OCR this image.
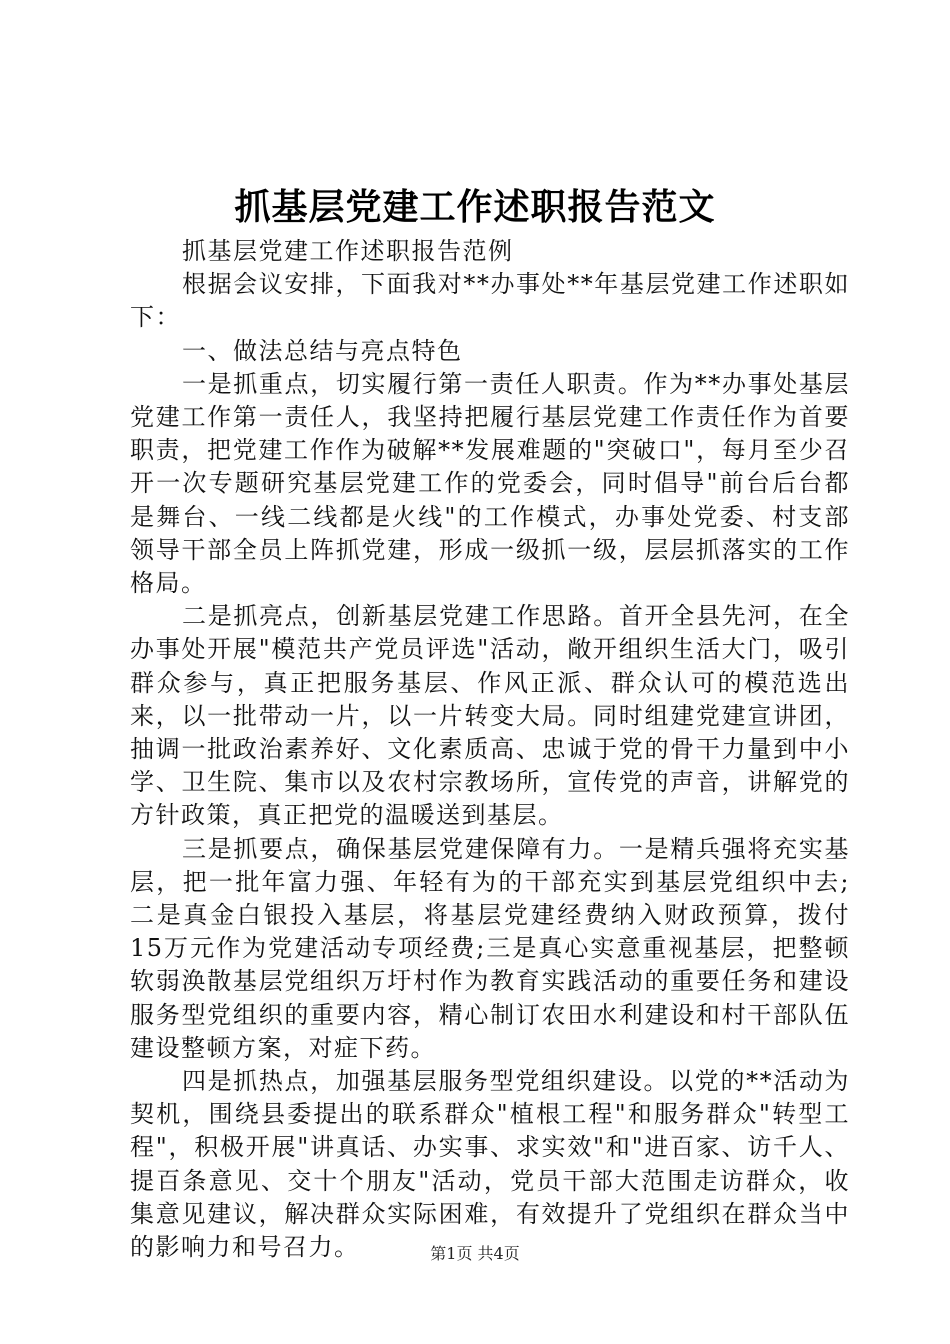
抓基层党建工作述职报告范文

抓基层党建工作述职报告范例

根据会议安排，下面我对**办事处**年基层党建工作述职如下：

一、做法总结与亮点特色

一是抓重点，切实履行第一责任人职责。作为**办事处基层党建工作第一责任人，我坚持把履行基层党建工作责任作为首要职责，把党建工作作为破解**发展难题的"突破口"，每月至少召开一次专题研究基层党建工作的党委会，同时倡导"前台后台都是舞台、一线二线都是火线"的工作模式，办事处党委、村支部领导干部全员上阵抓党建，形成一级抓一级，层层抓落实的工作格局。

二是抓亮点，创新基层党建工作思路。首开全县先河，在全办事处开展"模范共产党员评选"活动，敞开组织生活大门，吸引群众参与，真正把服务基层、作风正派、群众认可的模范选出来，以一批带动一片，以一片转变大局。同时组建党建宣讲团，抽调一批政治素养好、文化素质高、忠诚于党的骨干力量到中小学、卫生院、集市以及农村宗教场所，宣传党的声音，讲解党的方针政策，真正把党的温暖送到基层。

三是抓要点，确保基层党建保障有力。一是精兵强将充实基层，把一批年富力强、年轻有为的干部充实到基层党组织中去;二是真金白银投入基层，将基层党建经费纳入财政预算，拨付15万元作为党建活动专项经费;三是真心实意重视基层，把整顿软弱涣散基层党组织万圩村作为教育实践活动的重要任务和建设服务型党组织的重要内容，精心制订农田水利建设和村干部队伍建设整顿方案，对症下药。

四是抓热点，加强基层服务型党组织建设。以党的**活动为契机，围绕县委提出的联系群众"植根工程"和服务群众"转型工程"，积极开展"讲真话、办实事、求实效"和"进百家、访千人、提百条意见、交十个朋友"活动，党员干部大范围走访群众，收集意见建议，解决群众实际困难，有效提升了党组织在群众当中的影响力和号召力。	第1页 共4页
